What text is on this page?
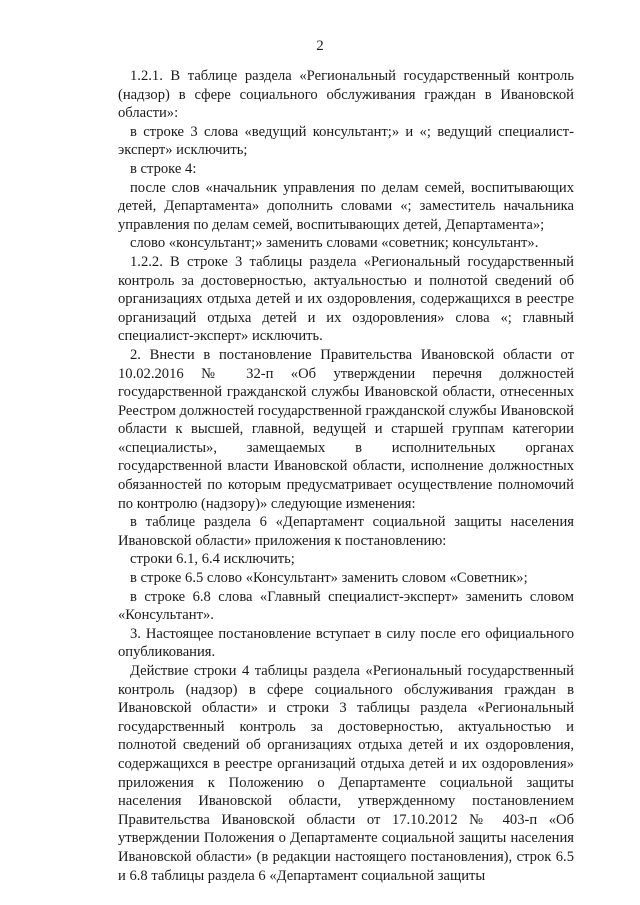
2

1.2.1. В таблице раздела «Региональный государственный контроль (надзор) в сфере социального обслуживания граждан в Ивановской области»:

в строке 3 слова «ведущий консультант;» и «; ведущий специалист-эксперт» исключить;

в строке 4:

после слов «начальник управления по делам семей, воспитывающих детей, Департамента» дополнить словами «; заместитель начальника управления по делам семей, воспитывающих детей, Департамента»;

слово «консультант;» заменить словами «советник; консультант».

1.2.2. В строке 3 таблицы раздела «Региональный государственный контроль за достоверностью, актуальностью и полнотой сведений об организациях отдыха детей и их оздоровления, содержащихся в реестре организаций отдыха детей и их оздоровления» слова «; главный специалист-эксперт» исключить.

2. Внести в постановление Правительства Ивановской области от 10.02.2016 № 32-п «Об утверждении перечня должностей государственной гражданской службы Ивановской области, отнесенных Реестром должностей государственной гражданской службы Ивановской области к высшей, главной, ведущей и старшей группам категории «специалисты», замещаемых в исполнительных органах государственной власти Ивановской области, исполнение должностных обязанностей по которым предусматривает осуществление полномочий по контролю (надзору)» следующие изменения:

в таблице раздела 6 «Департамент социальной защиты населения Ивановской области» приложения к постановлению:

строки 6.1, 6.4 исключить;

в строке 6.5 слово «Консультант» заменить словом «Советник»;

в строке 6.8 слова «Главный специалист-эксперт» заменить словом «Консультант».

3. Настоящее постановление вступает в силу после его официального опубликования.

Действие строки 4 таблицы раздела «Региональный государственный контроль (надзор) в сфере социального обслуживания граждан в Ивановской области» и строки 3 таблицы раздела «Региональный государственный контроль за достоверностью, актуальностью и полнотой сведений об организациях отдыха детей и их оздоровления, содержащихся в реестре организаций отдыха детей и их оздоровления» приложения к Положению о Департаменте социальной защиты населения Ивановской области, утвержденному постановлением Правительства Ивановской области от 17.10.2012 № 403-п «Об утверждении Положения о Департаменте социальной защиты населения Ивановской области» (в редакции настоящего постановления), строк 6.5 и 6.8 таблицы раздела 6 «Департамент социальной защиты
